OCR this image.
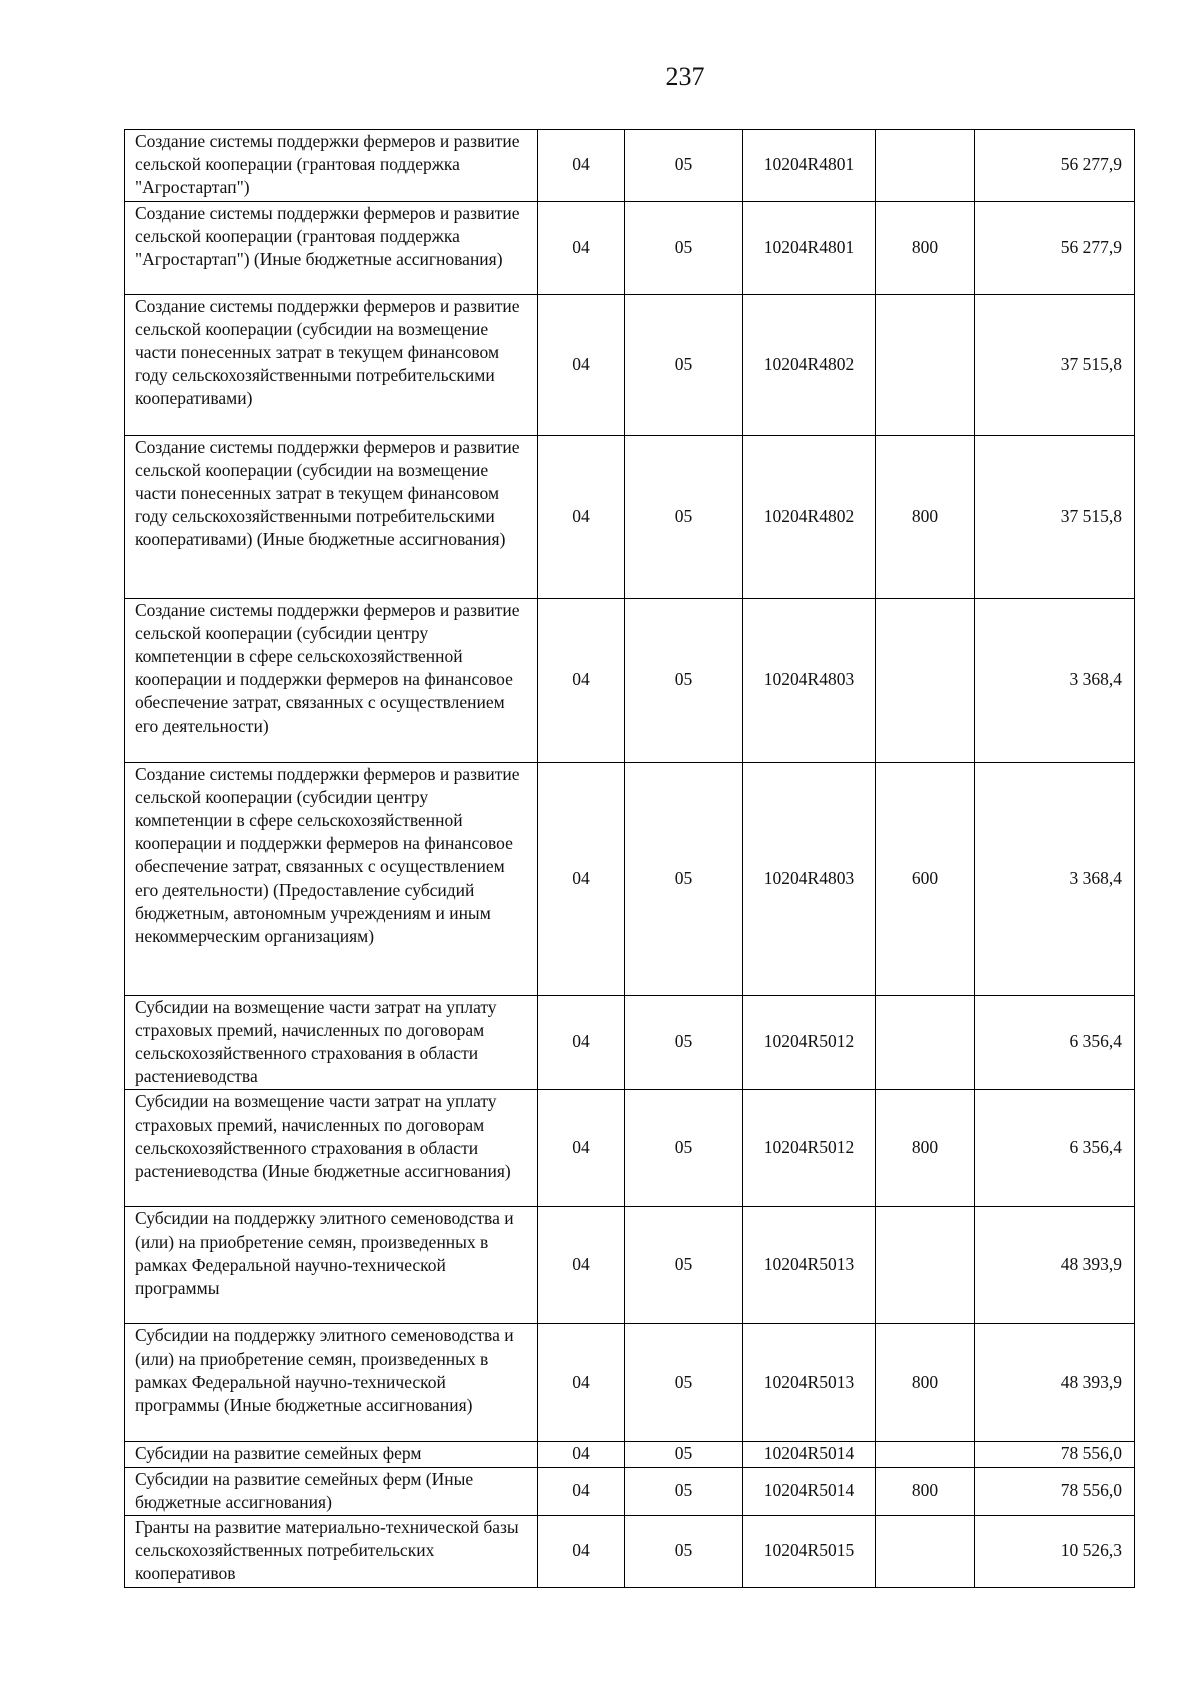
237
Создание системы поддержки фермеров и развитие сельской кооперации (грантовая поддержка "Агростартап")	04	05	10204R4801		56 277,9
Создание системы поддержки фермеров и развитие сельской кооперации (грантовая поддержка "Агростартап") (Иные бюджетные ассигнования)	04	05	10204R4801	800	56 277,9
Создание системы поддержки фермеров и развитие сельской кооперации (субсидии на возмещение части понесенных затрат в текущем финансовом году сельскохозяйственными потребительскими кооперативами)	04	05	10204R4802		37 515,8
Создание системы поддержки фермеров и развитие сельской кооперации (субсидии на возмещение части понесенных затрат в текущем финансовом году сельскохозяйственными потребительскими кооперативами) (Иные бюджетные ассигнования)	04	05	10204R4802	800	37 515,8
Создание системы поддержки фермеров и развитие сельской кооперации (субсидии центру компетенции в сфере сельскохозяйственной кооперации и поддержки фермеров на финансовое обеспечение затрат, связанных с осуществлением его деятельности)	04	05	10204R4803		3 368,4
Создание системы поддержки фермеров и развитие сельской кооперации (субсидии центру компетенции в сфере сельскохозяйственной кооперации и поддержки фермеров на финансовое обеспечение затрат, связанных с осуществлением его деятельности) (Предоставление субсидий бюджетным, автономным учреждениям и иным некоммерческим организациям)	04	05	10204R4803	600	3 368,4
Субсидии на возмещение части затрат на уплату страховых премий, начисленных по договорам сельскохозяйственного страхования в области растениеводства	04	05	10204R5012		6 356,4
Субсидии на возмещение части затрат на уплату страховых премий, начисленных по договорам сельскохозяйственного страхования в области растениеводства (Иные бюджетные ассигнования)	04	05	10204R5012	800	6 356,4
Субсидии на поддержку элитного семеноводства и (или) на приобретение семян, произведенных в рамках Федеральной научно-технической программы	04	05	10204R5013		48 393,9
Субсидии на поддержку элитного семеноводства и (или) на приобретение семян, произведенных в рамках Федеральной научно-технической программы (Иные бюджетные ассигнования)	04	05	10204R5013	800	48 393,9
Субсидии на развитие семейных ферм	04	05	10204R5014		78 556,0
Субсидии на развитие семейных ферм (Иные бюджетные ассигнования)	04	05	10204R5014	800	78 556,0
Гранты на развитие материально-технической базы сельскохозяйственных потребительских кооперативов	04	05	10204R5015		10 526,3
